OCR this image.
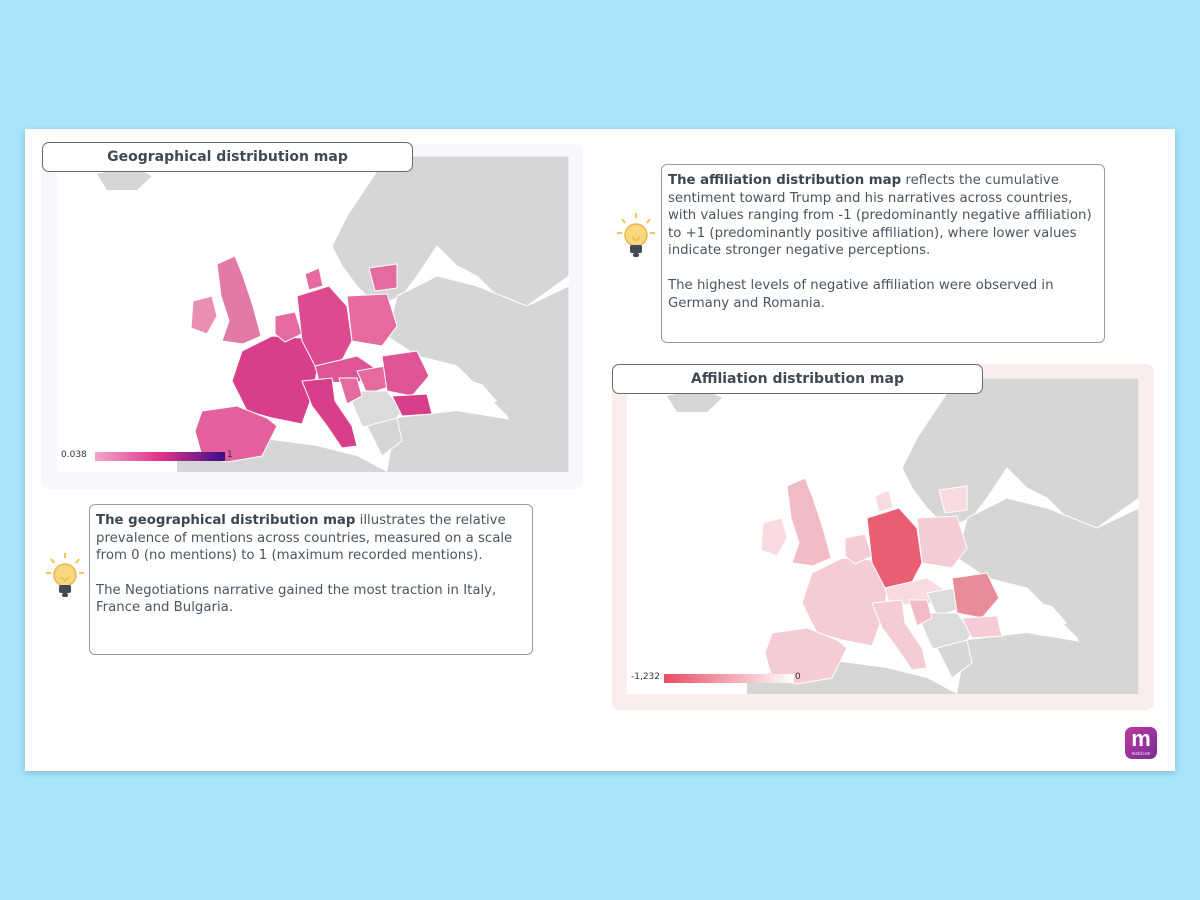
0.038	1
Geographical distribution map

The affiliation distribution map reflects the cumulative sentiment toward Trump and his narratives across countries, with values ranging from -1 (predominantly negative affiliation) to +1 (predominantly positive affiliation), where lower values indicate stronger negative perceptions.

The highest levels of negative affiliation were observed in Germany and Romania.

-1,232	0
Affiliation distribution map

The geographical distribution map illustrates the relative prevalence of mentions across countries, measured on a scale from 0 (no mentions) to 1 (maximum recorded mentions).

The Negotiations narrative gained the most traction in Italy, France and Bulgaria.

m
metricsm
